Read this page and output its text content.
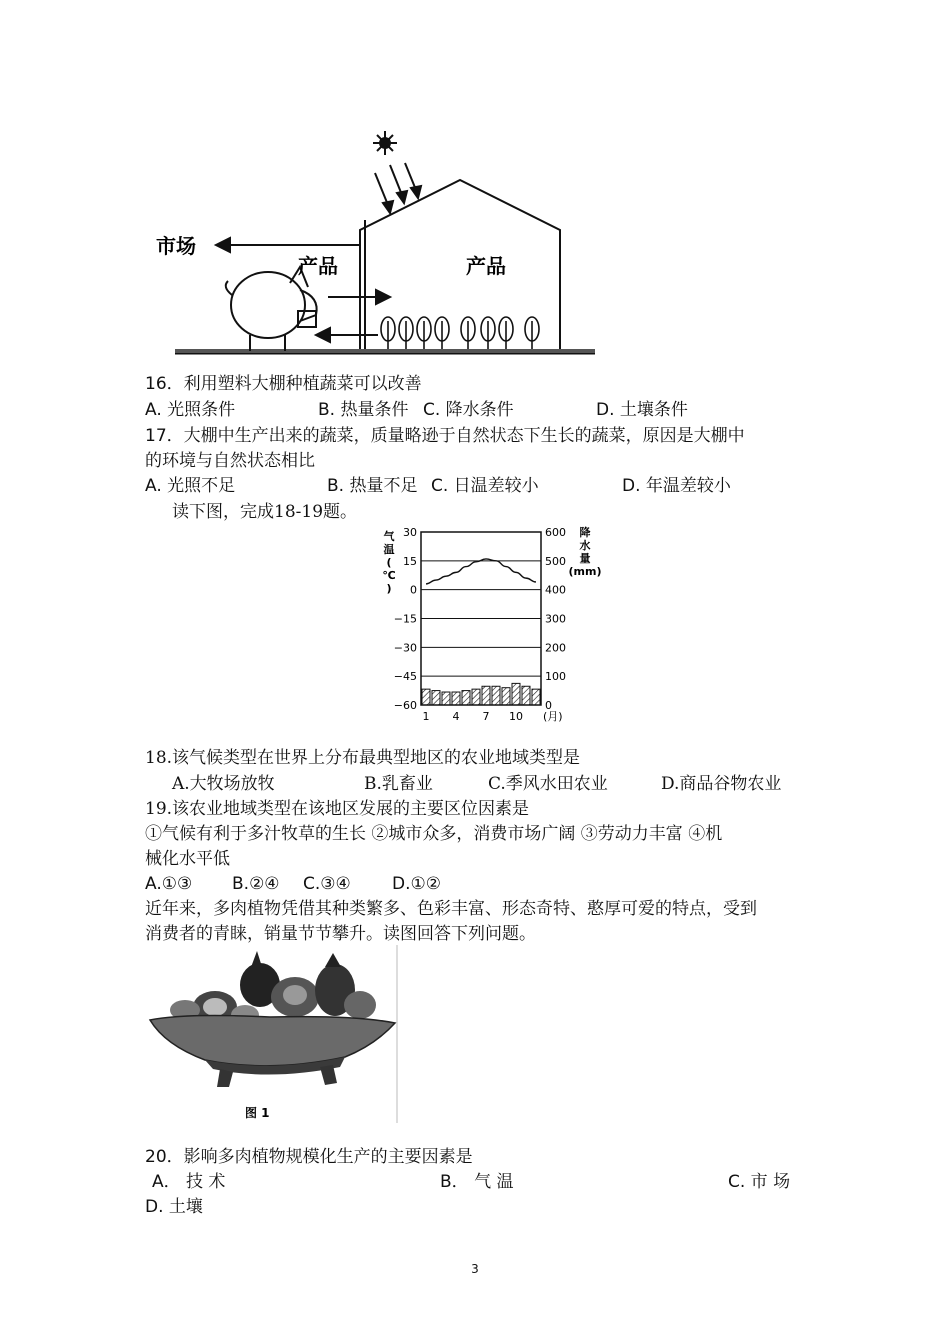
市场
产品	产品

16．利用塑料大棚种植蔬菜可以改善

A. 光照条件	B. 热量条件 C. 降水条件	D. 土壤条件

17．大棚中生产出来的蔬菜，质量略逊于自然状态下生长的蔬菜，原因是大棚中

的环境与自然状态相比

A. 光照不足	B. 热量不足 C. 日温差较小	D. 年温差较小

读下图，完成18-19题。

30
15
0
−15
−30
−45
−60
600
500
400
300
200
100
0
气
温
(
℃
)
降
水
量
(mm)
1 4 7 10 (月)

18.该气候类型在世界上分布最典型地区的农业地域类型是

A.大牧场放牧	B.乳畜业	C.季风水田农业	D.商品谷物农业

19.该农业地域类型在该地区发展的主要区位因素是

①气候有利于多汁牧草的生长 ②城市众多，消费市场广阔 ③劳动力丰富 ④机

械化水平低

A.①③ B.②④ C.③④ D.①②

近年来，多肉植物凭借其种类繁多、色彩丰富、形态奇特、憨厚可爱的特点，受到

消费者的青睐，销量节节攀升。读图回答下列问题。

图 1

20．影响多肉植物规模化生产的主要因素是

A． 技 术	B． 气 温	C. 市 场
D. 土壤
3
